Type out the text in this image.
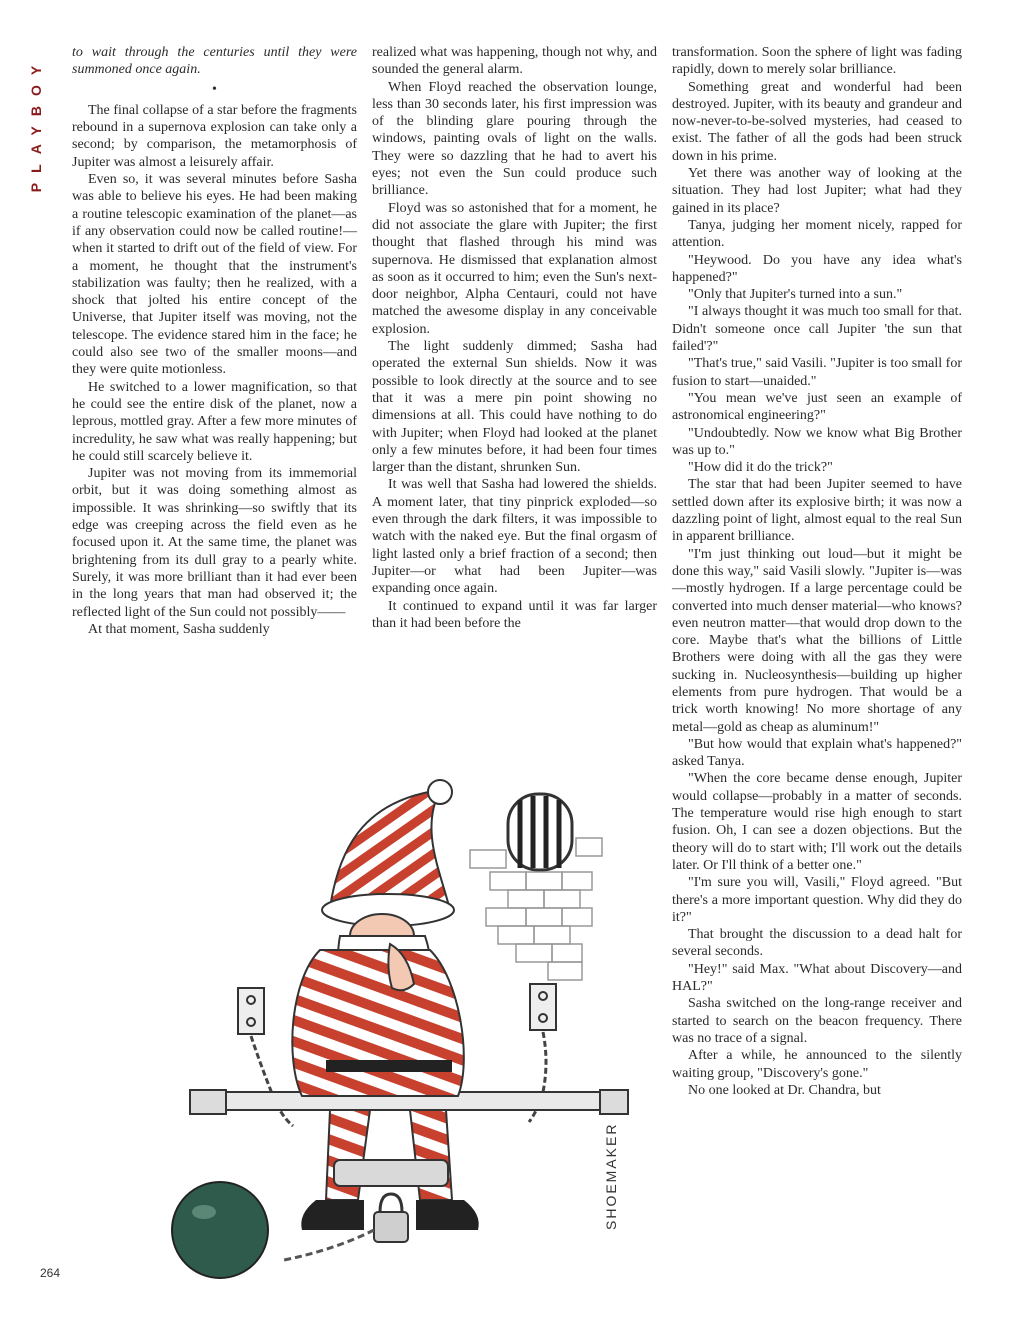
PLAYBOY

to wait through the centuries until they were summoned once again.

•

The final collapse of a star before the fragments rebound in a supernova explosion can take only a second; by comparison, the metamorphosis of Jupiter was almost a leisurely affair.

Even so, it was several minutes before Sasha was able to believe his eyes. He had been making a routine telescopic examination of the planet—as if any observation could now be called routine!—when it started to drift out of the field of view. For a moment, he thought that the instrument's stabilization was faulty; then he realized, with a shock that jolted his entire concept of the Universe, that Jupiter itself was moving, not the telescope. The evidence stared him in the face; he could also see two of the smaller moons—and they were quite motionless.

He switched to a lower magnification, so that he could see the entire disk of the planet, now a leprous, mottled gray. After a few more minutes of incredulity, he saw what was really happening; but he could still scarcely believe it.

Jupiter was not moving from its immemorial orbit, but it was doing something almost as impossible. It was shrinking—so swiftly that its edge was creeping across the field even as he focused upon it. At the same time, the planet was brightening from its dull gray to a pearly white. Surely, it was more brilliant than it had ever been in the long years that man had observed it; the reflected light of the Sun could not possibly——

At that moment, Sasha suddenly

realized what was happening, though not why, and sounded the general alarm.

When Floyd reached the observation lounge, less than 30 seconds later, his first impression was of the blinding glare pouring through the windows, painting ovals of light on the walls. They were so dazzling that he had to avert his eyes; not even the Sun could produce such brilliance.

Floyd was so astonished that for a moment, he did not associate the glare with Jupiter; the first thought that flashed through his mind was supernova. He dismissed that explanation almost as soon as it occurred to him; even the Sun's next-door neighbor, Alpha Centauri, could not have matched the awesome display in any conceivable explosion.

The light suddenly dimmed; Sasha had operated the external Sun shields. Now it was possible to look directly at the source and to see that it was a mere pin point showing no dimensions at all. This could have nothing to do with Jupiter; when Floyd had looked at the planet only a few minutes before, it had been four times larger than the distant, shrunken Sun.

It was well that Sasha had lowered the shields. A moment later, that tiny pinprick exploded—so even through the dark filters, it was impossible to watch with the naked eye. But the final orgasm of light lasted only a brief fraction of a second; then Jupiter—or what had been Jupiter—was expanding once again.

It continued to expand until it was far larger than it had been before the

transformation. Soon the sphere of light was fading rapidly, down to merely solar brilliance.

Something great and wonderful had been destroyed. Jupiter, with its beauty and grandeur and now-never-to-be-solved mysteries, had ceased to exist. The father of all the gods had been struck down in his prime.

Yet there was another way of looking at the situation. They had lost Jupiter; what had they gained in its place?

Tanya, judging her moment nicely, rapped for attention.

"Heywood. Do you have any idea what's happened?"

"Only that Jupiter's turned into a sun."

"I always thought it was much too small for that. Didn't someone once call Jupiter 'the sun that failed'?"

"That's true," said Vasili. "Jupiter is too small for fusion to start—unaided."

"You mean we've just seen an example of astronomical engineering?"

"Undoubtedly. Now we know what Big Brother was up to."

"How did it do the trick?"

The star that had been Jupiter seemed to have settled down after its explosive birth; it was now a dazzling point of light, almost equal to the real Sun in apparent brilliance.

"I'm just thinking out loud—but it might be done this way," said Vasili slowly. "Jupiter is—was—mostly hydrogen. If a large percentage could be converted into much denser material—who knows? even neutron matter—that would drop down to the core. Maybe that's what the billions of Little Brothers were doing with all the gas they were sucking in. Nucleosynthesis—building up higher elements from pure hydrogen. That would be a trick worth knowing! No more shortage of any metal—gold as cheap as aluminum!"

"But how would that explain what's happened?" asked Tanya.

"When the core became dense enough, Jupiter would collapse—probably in a matter of seconds. The temperature would rise high enough to start fusion. Oh, I can see a dozen objections. But the theory will do to start with; I'll work out the details later. Or I'll think of a better one."

"I'm sure you will, Vasili," Floyd agreed. "But there's a more important question. Why did they do it?"

That brought the discussion to a dead halt for several seconds.

"Hey!" said Max. "What about Discovery—and HAL?"

Sasha switched on the long-range receiver and started to search on the beacon frequency. There was no trace of a signal.

After a while, he announced to the silently waiting group, "Discovery's gone."

No one looked at Dr. Chandra, but

SHOEMAKER
264
